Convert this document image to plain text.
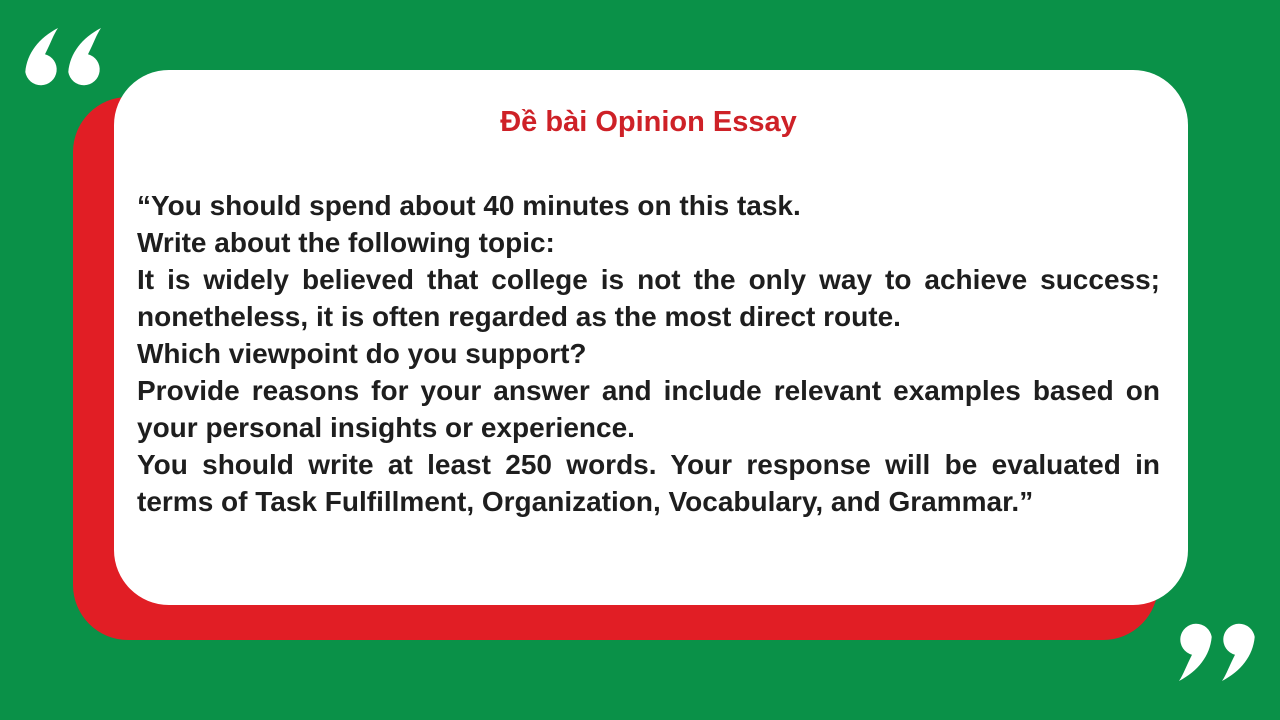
Đề bài Opinion Essay

“You should spend about 40 minutes on this task.

Write about the following topic:

It is widely believed that college is not the only way to achieve success; nonetheless, it is often regarded as the most direct route.

Which viewpoint do you support?

Provide reasons for your answer and include relevant examples based on your personal insights or experience.

You should write at least 250 words. Your response will be evaluated in terms of Task Fulfillment, Organization, Vocabulary, and Grammar.”
